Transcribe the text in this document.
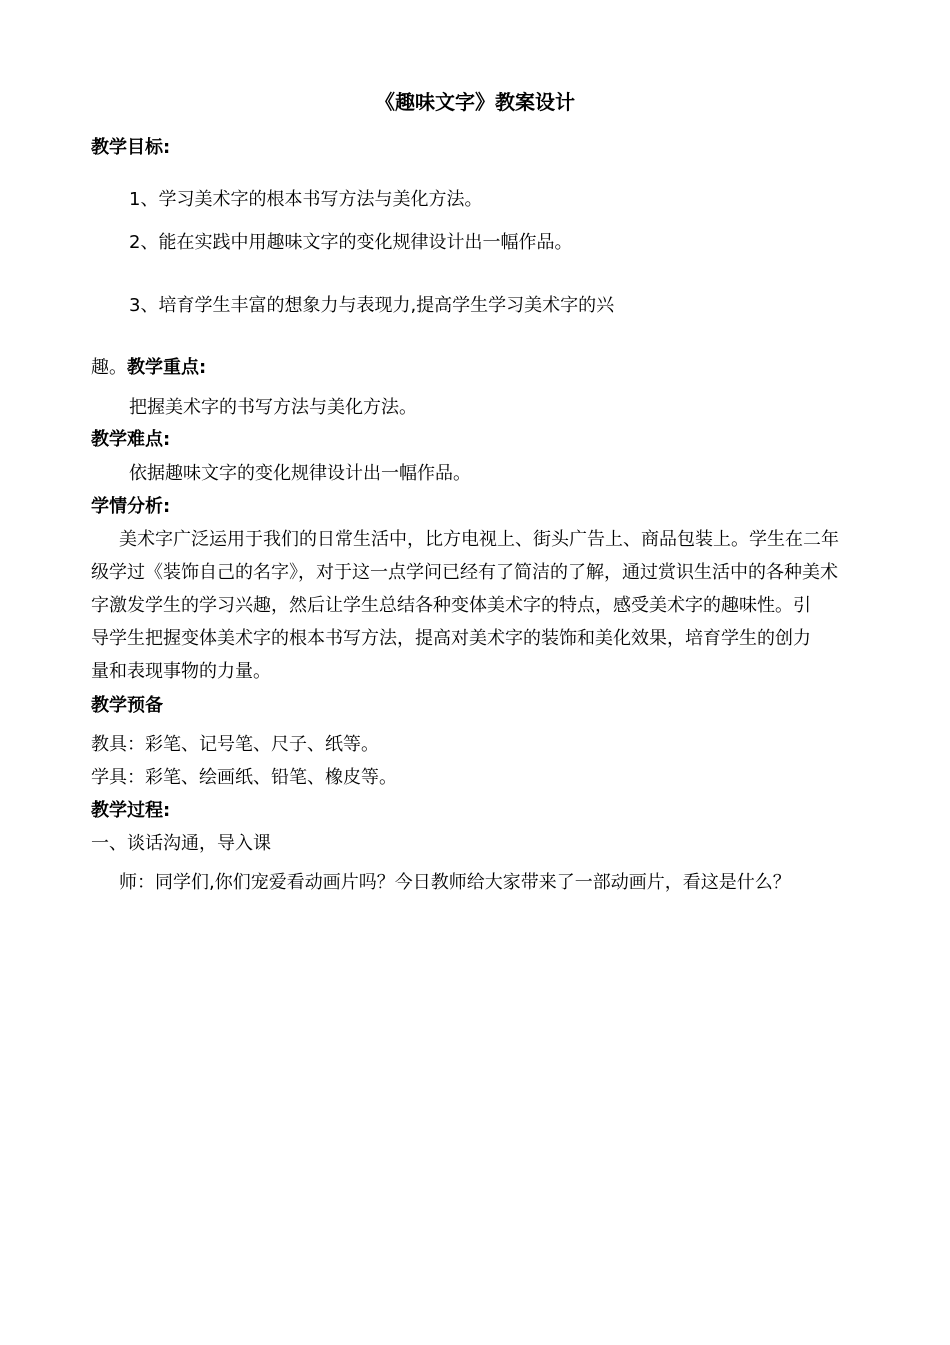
《趣味文字》教案设计
教学目标:
1、学习美术字的根本书写方法与美化方法。
2、能在实践中用趣味文字的变化规律设计出一幅作品。
3、培育学生丰富的想象力与表现力,提高学生学习美术字的兴
趣。教学重点:
把握美术字的书写方法与美化方法。
教学难点:
依据趣味文字的变化规律设计出一幅作品。
学情分析:
美术字广泛运用于我们的日常生活中，比方电视上、街头广告上、商品包装上。学生在二年
级学过《装饰自己的名字》，对于这一点学问已经有了简洁的了解，通过赏识生活中的各种美术
字激发学生的学习兴趣，然后让学生总结各种变体美术字的特点，感受美术字的趣味性。引
导学生把握变体美术字的根本书写方法，提高对美术字的装饰和美化效果，培育学生的创力
量和表现事物的力量。
教学预备
教具：彩笔、记号笔、尺子、纸等。
学具：彩笔、绘画纸、铅笔、橡皮等。
教学过程:
一、谈话沟通，导入课
师：同学们,你们宠爱看动画片吗？今日教师给大家带来了一部动画片，看这是什么？
